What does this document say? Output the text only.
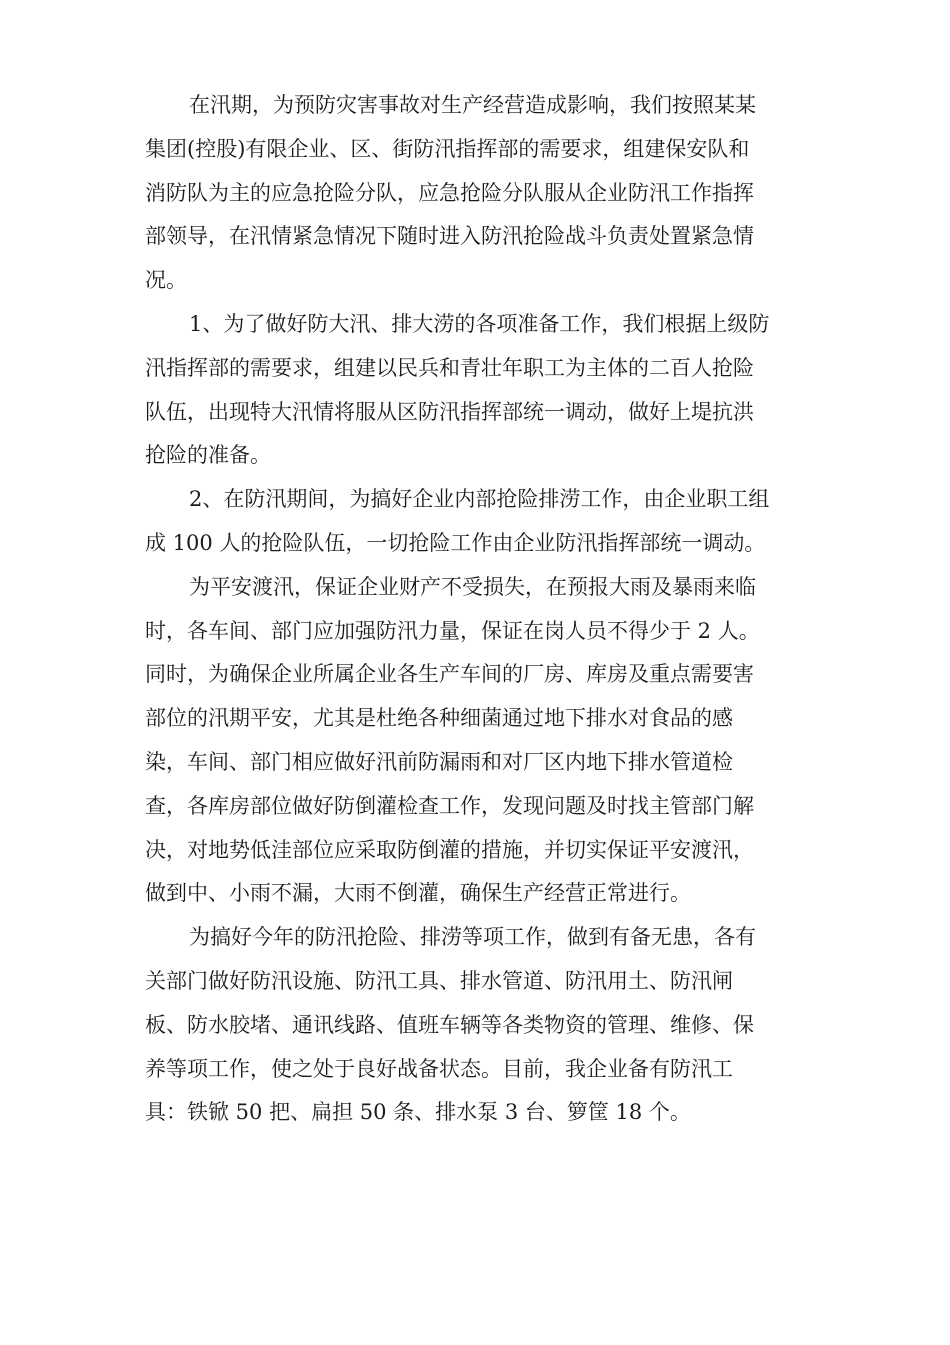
在汛期，为预防灾害事故对生产经营造成影响，我们按照某某
集团(控股)有限企业、区、街防汛指挥部的需要求，组建保安队和
消防队为主的应急抢险分队，应急抢险分队服从企业防汛工作指挥
部领导，在汛情紧急情况下随时进入防汛抢险战斗负责处置紧急情
况。
1、为了做好防大汛、排大涝的各项准备工作，我们根据上级防
汛指挥部的需要求，组建以民兵和青壮年职工为主体的二百人抢险
队伍，出现特大汛情将服从区防汛指挥部统一调动，做好上堤抗洪
抢险的准备。
2、在防汛期间，为搞好企业内部抢险排涝工作，由企业职工组
成 100 人的抢险队伍，一切抢险工作由企业防汛指挥部统一调动。
为平安渡汛，保证企业财产不受损失，在预报大雨及暴雨来临
时，各车间、部门应加强防汛力量，保证在岗人员不得少于 2 人。
同时，为确保企业所属企业各生产车间的厂房、库房及重点需要害
部位的汛期平安，尤其是杜绝各种细菌通过地下排水对食品的感
染，车间、部门相应做好汛前防漏雨和对厂区内地下排水管道检
查，各库房部位做好防倒灌检查工作，发现问题及时找主管部门解
决，对地势低洼部位应采取防倒灌的措施，并切实保证平安渡汛，
做到中、小雨不漏，大雨不倒灌，确保生产经营正常进行。
为搞好今年的防汛抢险、排涝等项工作，做到有备无患，各有
关部门做好防汛设施、防汛工具、排水管道、防汛用土、防汛闸
板、防水胶堵、通讯线路、值班车辆等各类物资的管理、维修、保
养等项工作，使之处于良好战备状态。目前，我企业备有防汛工
具：铁锨 50 把、扁担 50 条、排水泵 3 台、箩筐 18 个。
